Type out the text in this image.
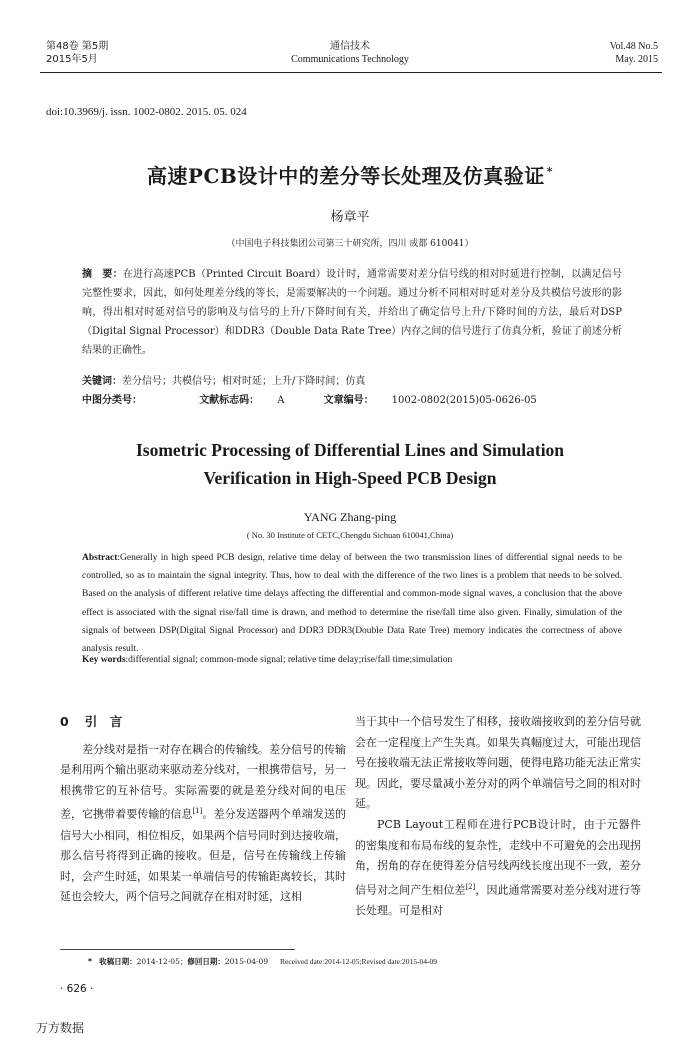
第48卷 第5期
2015年5月
通信技术
Communications Technology
Vol.48 No.5
May. 2015
doi:10.3969/j. issn. 1002-0802. 2015. 05. 024
高速PCB设计中的差分等长处理及仿真验证 *
杨章平
（中国电子科技集团公司第三十研究所，四川 成都 610041）
摘　要：在进行高速PCB（Printed Circuit Board）设计时，通常需要对差分信号线的相对时延进行控制，以满足信号完整性要求，因此，如何处理差分线的等长，是需要解决的一个问题。通过分析不同相对时延对差分及共模信号波形的影响，得出相对时延对信号的影响及与信号的上升/下降时间有关，并给出了确定信号上升/下降时间的方法，最后对DSP（Digital Signal Processor）和DDR3（Double Data Rate Tree）内存之间的信号进行了仿真分析，验证了前述分析结果的正确性。
关键词：差分信号；共模信号；相对时延；上升/下降时间；仿真
中图分类号：	文献标志码： A	文章编号： 1002-0802(2015)05-0626-05
Isometric Processing of Differential Lines and Simulation
Verification in High-Speed PCB Design
YANG Zhang-ping
( No. 30 Institute of CETC,Chengdu Sichuan 610041,China)
Abstract:Generally in high speed PCB design, relative time delay of between the two transmission lines of differential signal needs to be controlled, so as to maintain the signal integrity. Thus, how to deal with the difference of the two lines is a problem that needs to be solved. Based on the analysis of different relative time delays affecting the differential and common-mode signal waves, a conclusion that the above effect is associated with the signal rise/fall time is drawn, and method to determine the rise/fall time also given. Finally, simulation of the signals of between DSP(Digital Signal Processor) and DDR3 DDR3(Double Data Rate Tree) memory indicates the correctness of above analysis result.
Key words:differential signal; common-mode signal; relative time delay;rise/fall time;simulation
0 引　言

差分线对是指一对存在耦合的传输线。差分信号的传输是利用两个输出驱动来驱动差分线对，一根携带信号，另一根携带它的互补信号。实际需要的就是差分线对间的电压差，它携带着要传输的信息[1]。差分发送器两个单端发送的信号大小相同，相位相反，如果两个信号同时到达接收端，那么信号将得到正确的接收。但是，信号在传输线上传输时，会产生时延，如果某一单端信号的传输距离较长，其时延也会较大，两个信号之间就存在相对时延，这相

当于其中一个信号发生了相移，接收端接收到的差分信号就会在一定程度上产生失真。如果失真幅度过大，可能出现信号在接收端无法正常接收等问题，使得电路功能无法正常实现。因此，要尽量减小差分对的两个单端信号之间的相对时延。

PCB Layout工程师在进行PCB设计时，由于元器件的密集度和布局布线的复杂性，走线中不可避免的会出现拐角，拐角的存在使得差分信号线两线长度出现不一致，差分信号对之间产生相位差[2]，因此通常需要对差分线对进行等长处理。可是相对

* 收稿日期：2014-12-05；修回日期：2015-04-09 Received date:2014-12-05;Revised date:2015-04-09
· 626 ·
万方数据
